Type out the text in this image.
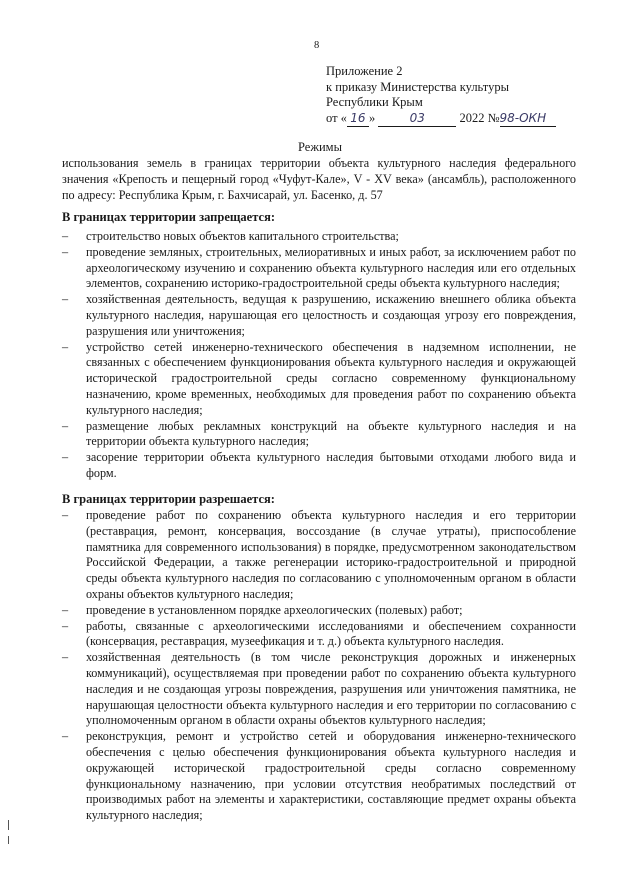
8
Приложение 2
к приказу Министерства культуры
Республики Крым
от « 16 »	03	2022 №98-ОКН
Режимы
использования земель в границах территории объекта культурного наследия федерального значения «Крепость и пещерный город «Чуфут-Кале», V - XV века» (ансамбль), расположенного по адресу: Республика Крым, г. Бахчисарай, ул. Басенко, д. 57
В границах территории запрещается:
– строительство новых объектов капитального строительства;
– проведение земляных, строительных, мелиоративных и иных работ, за исключением работ по археологическому изучению и сохранению объекта культурного наследия или его отдельных элементов, сохранению историко-градостроительной среды объекта культурного наследия;
– хозяйственная деятельность, ведущая к разрушению, искажению внешнего облика объекта культурного наследия, нарушающая его целостность и создающая угрозу его повреждения, разрушения или уничтожения;
– устройство сетей инженерно-технического обеспечения в надземном исполнении, не связанных с обеспечением функционирования объекта культурного наследия и окружающей исторической градостроительной среды согласно современному функциональному назначению, кроме временных, необходимых для проведения работ по сохранению объекта культурного наследия;
– размещение любых рекламных конструкций на объекте культурного наследия и на территории объекта культурного наследия;
– засорение территории объекта культурного наследия бытовыми отходами любого вида и форм.
В границах территории разрешается:
– проведение работ по сохранению объекта культурного наследия и его территории (реставрация, ремонт, консервация, воссоздание (в случае утраты), приспособление памятника для современного использования) в порядке, предусмотренном законодательством Российской Федерации, а также регенерации историко-градостроительной и природной среды объекта культурного наследия по согласованию с уполномоченным органом в области охраны объектов культурного наследия;
– проведение в установленном порядке археологических (полевых) работ;
– работы, связанные с археологическими исследованиями и обеспечением сохранности (консервация, реставрация, музеефикация и т. д.) объекта культурного наследия.
– хозяйственная деятельность (в том числе реконструкция дорожных и инженерных коммуникаций), осуществляемая при проведении работ по сохранению объекта культурного наследия и не создающая угрозы повреждения, разрушения или уничтожения памятника, не нарушающая целостности объекта культурного наследия и его территории по согласованию с уполномоченным органом в области охраны объектов культурного наследия;
– реконструкция, ремонт и устройство сетей и оборудования инженерно-технического обеспечения с целью обеспечения функционирования объекта культурного наследия и окружающей исторической градостроительной среды согласно современному функциональному назначению, при условии отсутствия необратимых последствий от производимых работ на элементы и характеристики, составляющие предмет охраны объекта культурного наследия;
